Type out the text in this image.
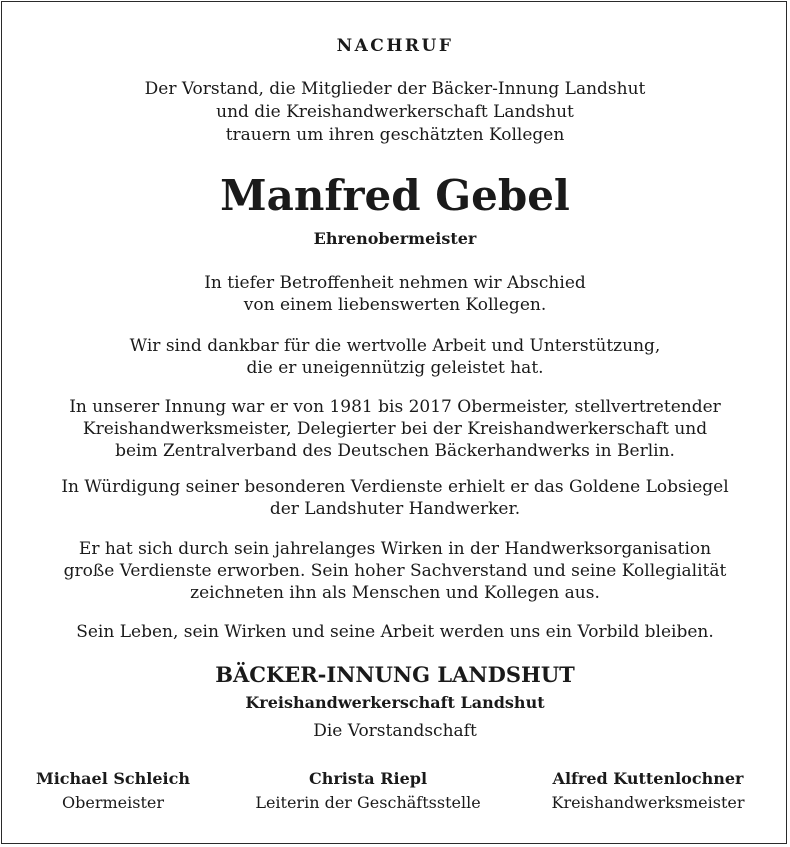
NACHRUF
Der Vorstand, die Mitglieder der Bäcker-Innung Landshut
und die Kreishandwerkerschaft Landshut
trauern um ihren geschätzten Kollegen
Manfred Gebel
Ehrenobermeister
In tiefer Betroffenheit nehmen wir Abschied
von einem liebenswerten Kollegen.
Wir sind dankbar für die wertvolle Arbeit und Unterstützung,
die er uneigennützig geleistet hat.
In unserer Innung war er von 1981 bis 2017 Obermeister, stellvertretender
Kreishandwerksmeister, Delegierter bei der Kreishandwerkerschaft und
beim Zentralverband des Deutschen Bäckerhandwerks in Berlin.
In Würdigung seiner besonderen Verdienste erhielt er das Goldene Lobsiegel
der Landshuter Handwerker.
Er hat sich durch sein jahrelanges Wirken in der Handwerksorganisation
große Verdienste erworben. Sein hoher Sachverstand und seine Kollegialität
zeichneten ihn als Menschen und Kollegen aus.
Sein Leben, sein Wirken und seine Arbeit werden uns ein Vorbild bleiben.
BÄCKER-INNUNG LANDSHUT
Kreishandwerkerschaft Landshut
Die Vorstandschaft
Michael Schleich
Obermeister
Christa Riepl
Leiterin der Geschäftsstelle
Alfred Kuttenlochner
Kreishandwerksmeister
